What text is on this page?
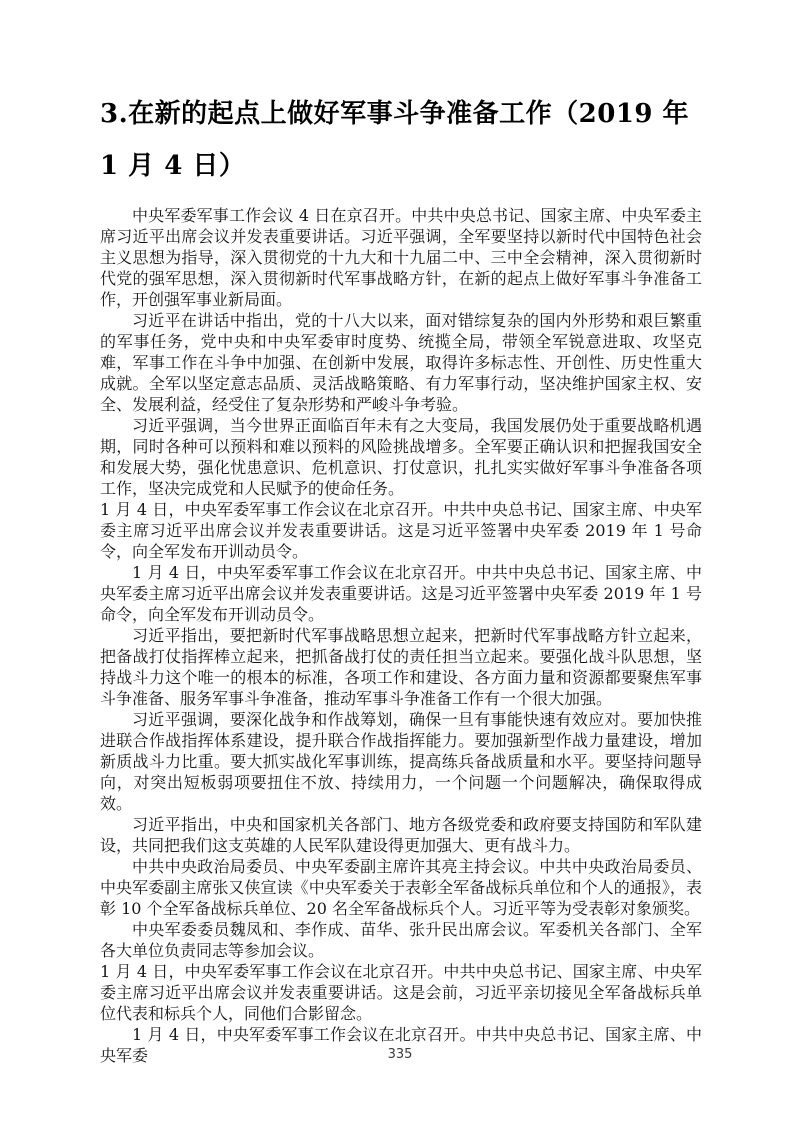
3.在新的起点上做好军事斗争准备工作（2019 年 1 月 4 日）

中央军委军事工作会议 4 日在京召开。中共中央总书记、国家主席、中央军委主席习近平出席会议并发表重要讲话。习近平强调，全军要坚持以新时代中国特色社会主义思想为指导，深入贯彻党的十九大和十九届二中、三中全会精神，深入贯彻新时代党的强军思想，深入贯彻新时代军事战略方针，在新的起点上做好军事斗争准备工作，开创强军事业新局面。

习近平在讲话中指出，党的十八大以来，面对错综复杂的国内外形势和艰巨繁重的军事任务，党中央和中央军委审时度势、统揽全局，带领全军锐意进取、攻坚克难，军事工作在斗争中加强、在创新中发展，取得许多标志性、开创性、历史性重大成就。全军以坚定意志品质、灵活战略策略、有力军事行动，坚决维护国家主权、安全、发展利益，经受住了复杂形势和严峻斗争考验。

习近平强调，当今世界正面临百年未有之大变局，我国发展仍处于重要战略机遇期，同时各种可以预料和难以预料的风险挑战增多。全军要正确认识和把握我国安全和发展大势，强化忧患意识、危机意识、打仗意识，扎扎实实做好军事斗争准备各项工作，坚决完成党和人民赋予的使命任务。

1 月 4 日，中央军委军事工作会议在北京召开。中共中央总书记、国家主席、中央军委主席习近平出席会议并发表重要讲话。这是习近平签署中央军委 2019 年 1 号命令，向全军发布开训动员令。

1 月 4 日，中央军委军事工作会议在北京召开。中共中央总书记、国家主席、中央军委主席习近平出席会议并发表重要讲话。这是习近平签署中央军委 2019 年 1 号命令，向全军发布开训动员令。

习近平指出，要把新时代军事战略思想立起来，把新时代军事战略方针立起来，把备战打仗指挥棒立起来，把抓备战打仗的责任担当立起来。要强化战斗队思想，坚持战斗力这个唯一的根本的标准，各项工作和建设、各方面力量和资源都要聚焦军事斗争准备、服务军事斗争准备，推动军事斗争准备工作有一个很大加强。

习近平强调，要深化战争和作战筹划，确保一旦有事能快速有效应对。要加快推进联合作战指挥体系建设，提升联合作战指挥能力。要加强新型作战力量建设，增加新质战斗力比重。要大抓实战化军事训练，提高练兵备战质量和水平。要坚持问题导向，对突出短板弱项要扭住不放、持续用力，一个问题一个问题解决，确保取得成效。

习近平指出，中央和国家机关各部门、地方各级党委和政府要支持国防和军队建设，共同把我们这支英雄的人民军队建设得更加强大、更有战斗力。

中共中央政治局委员、中央军委副主席许其亮主持会议。中共中央政治局委员、中央军委副主席张又侠宣读《中央军委关于表彰全军备战标兵单位和个人的通报》，表彰 10 个全军备战标兵单位、20 名全军备战标兵个人。习近平等为受表彰对象颁奖。

中央军委委员魏凤和、李作成、苗华、张升民出席会议。军委机关各部门、全军各大单位负责同志等参加会议。

1 月 4 日，中央军委军事工作会议在北京召开。中共中央总书记、国家主席、中央军委主席习近平出席会议并发表重要讲话。这是会前，习近平亲切接见全军备战标兵单位代表和标兵个人，同他们合影留念。

1 月 4 日，中央军委军事工作会议在北京召开。中共中央总书记、国家主席、中央军委	335
